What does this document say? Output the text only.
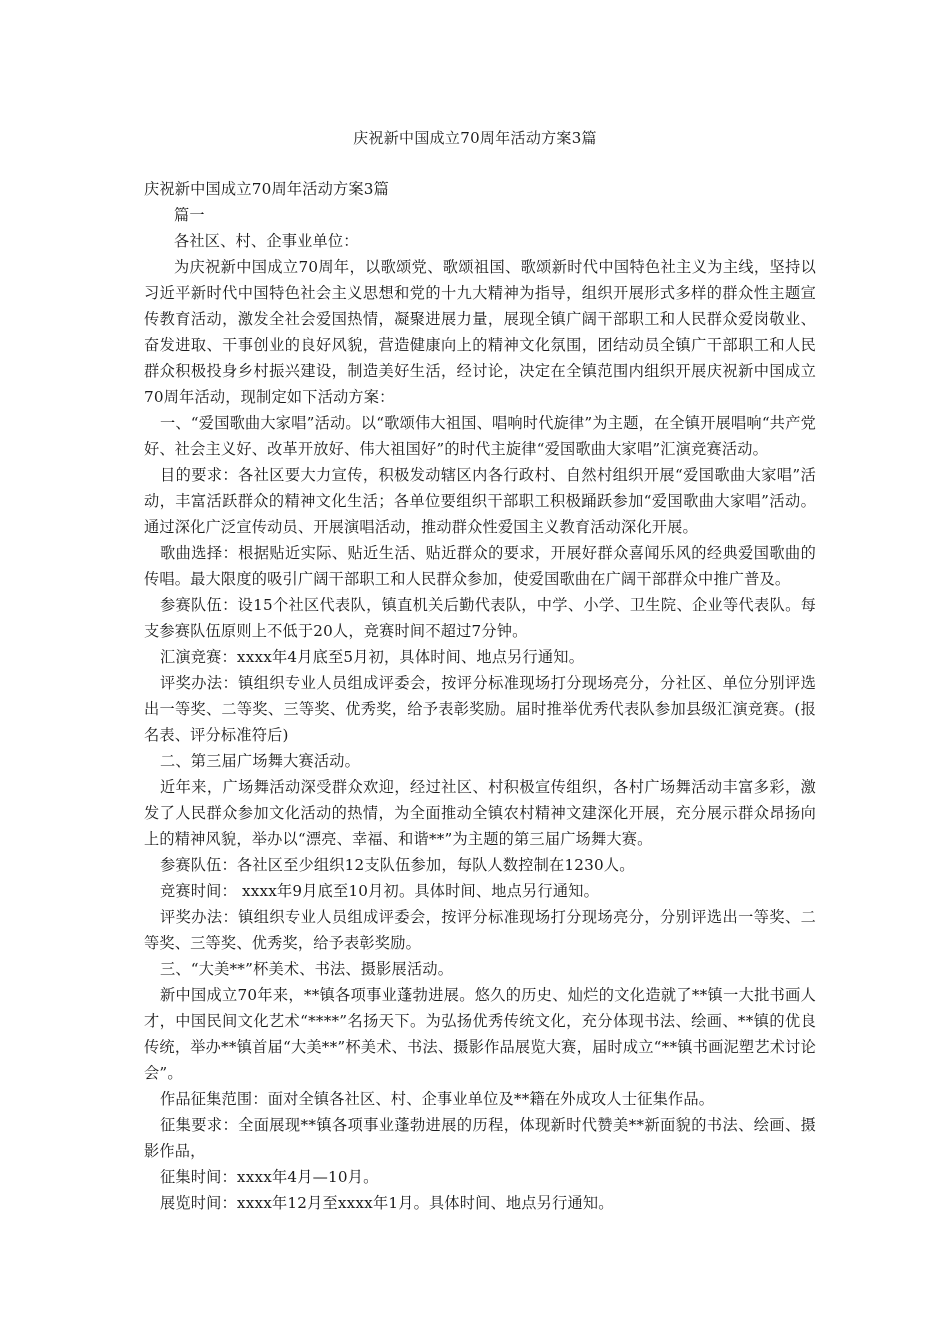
庆祝新中国成立70周年活动方案3篇

庆祝新中国成立70周年活动方案3篇

篇一

各社区、村、企事业单位：

为庆祝新中国成立70周年，以歌颂党、歌颂祖国、歌颂新时代中国特色社主义为主线，坚持以习近平新时代中国特色社会主义思想和党的十九大精神为指导，组织开展形式多样的群众性主题宣传教育活动，激发全社会爱国热情，凝聚进展力量，展现全镇广阔干部职工和人民群众爱岗敬业、奋发进取、干事创业的良好风貌，营造健康向上的精神文化氛围，团结动员全镇广干部职工和人民群众积极投身乡村振兴建设，制造美好生活，经讨论，决定在全镇范围内组织开展庆祝新中国成立70周年活动，现制定如下活动方案：

一、“爱国歌曲大家唱”活动。以“歌颂伟大祖国、唱响时代旋律”为主题，在全镇开展唱响“共产党好、社会主义好、改革开放好、伟大祖国好”的时代主旋律“爱国歌曲大家唱”汇演竞赛活动。

目的要求：各社区要大力宣传，积极发动辖区内各行政村、自然村组织开展“爱国歌曲大家唱”活动，丰富活跃群众的精神文化生活；各单位要组织干部职工积极踊跃参加“爱国歌曲大家唱”活动。通过深化广泛宣传动员、开展演唱活动，推动群众性爱国主义教育活动深化开展。

歌曲选择：根据贴近实际、贴近生活、贴近群众的要求，开展好群众喜闻乐风的经典爱国歌曲的传唱。最大限度的吸引广阔干部职工和人民群众参加，使爱国歌曲在广阔干部群众中推广普及。

参赛队伍：设15个社区代表队，镇直机关后勤代表队，中学、小学、卫生院、企业等代表队。每支参赛队伍原则上不低于20人，竞赛时间不超过7分钟。

汇演竞赛：xxxx年4月底至5月初，具体时间、地点另行通知。

评奖办法：镇组织专业人员组成评委会，按评分标准现场打分现场亮分，分社区、单位分别评选出一等奖、二等奖、三等奖、优秀奖，给予表彰奖励。届时推举优秀代表队参加县级汇演竞赛。(报名表、评分标准符后)

二、第三届广场舞大赛活动。

近年来，广场舞活动深受群众欢迎，经过社区、村积极宣传组织，各村广场舞活动丰富多彩，激发了人民群众参加文化活动的热情，为全面推动全镇农村精神文建深化开展，充分展示群众昂扬向上的精神风貌，举办以“漂亮、幸福、和谐**”为主题的第三届广场舞大赛。

参赛队伍：各社区至少组织12支队伍参加，每队人数控制在1230人。

竞赛时间： xxxx年9月底至10月初。具体时间、地点另行通知。

评奖办法：镇组织专业人员组成评委会，按评分标准现场打分现场亮分，分别评选出一等奖、二等奖、三等奖、优秀奖，给予表彰奖励。

三、“大美**”杯美术、书法、摄影展活动。

新中国成立70年来，**镇各项事业蓬勃进展。悠久的历史、灿烂的文化造就了**镇一大批书画人才，中国民间文化艺术“****”名扬天下。为弘扬优秀传统文化，充分体现书法、绘画、**镇的优良传统，举办**镇首届“大美**”杯美术、书法、摄影作品展览大赛，届时成立“**镇书画泥塑艺术讨论会”。

作品征集范围：面对全镇各社区、村、企事业单位及**籍在外成攻人士征集作品。

征集要求：全面展现**镇各项事业蓬勃进展的历程，体现新时代赞美**新面貌的书法、绘画、摄影作品，

征集时间：xxxx年4月—10月。

展览时间：xxxx年12月至xxxx年1月。具体时间、地点另行通知。
